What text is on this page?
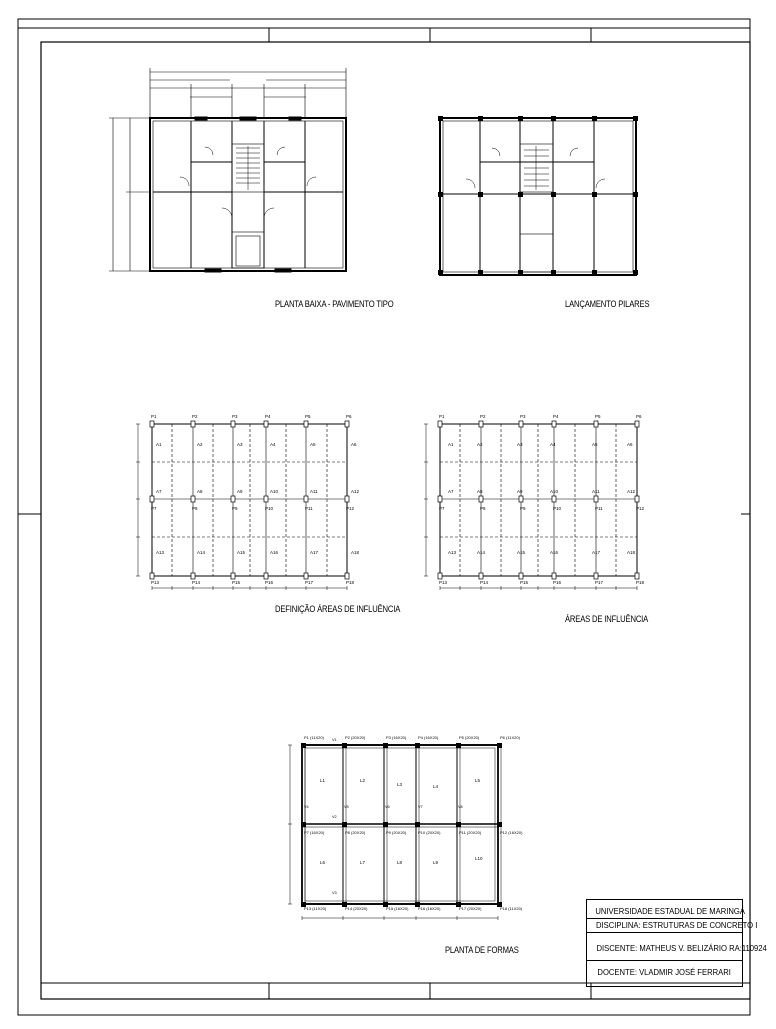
P1	P2	P3	P4	P5	P6
P7	P8	P9	P10	P11	P12
P13	P14	P15	P16	P17	P18
A1	A2	A3	A4	A5	A6
A7	A8	A9	A10	A11	A12
A13	A14	A15	A16	A17	A18
P1	P2	P3	P4	P5	P6
P7	P8	P9	P10	P11	P12
P13	P14	P15	P16	P17	P18
A1	A2	A3	A4	A5	A6
A7	A8	A9	A10	A11	A12
A13	A14	A15	A16	A17	A18
P1 (11X20)	P2 (20X20)	P3 (16X20)	P4 (16X20)	P5 (20X20)	P6 (11X20)
P7 (16X20)	P8 (20X20)	P9 (20X20)	P10 (20X20)	P11 (20X20)	P12 (16X20)
P13 (11X20)	P14 (20X20)	P15 (16X20) P16 (16X20)	P17 (20X20)	P18 (11X20)
L1	L2
L3	L4
L5
L6	L7	L8	L9
L10
V1
V2
V3
V4	V5	V6	V7	V8
PLANTA BAIXA - PAVIMENTO TIPO	LANÇAMENTO PILARES
DEFINIÇÃO ÁREAS DE INFLUÊNCIA
ÁREAS DE INFLUÊNCIA
PLANTA DE FORMAS
UNIVERSIDADE ESTADUAL DE MARINGÁ
DISCIPLINA: ESTRUTURAS DE CONCRETO I
DISCENTE: MATHEUS V. BELIZÁRIO RA:110924
DOCENTE: VLADMIR JOSÉ FERRARI
